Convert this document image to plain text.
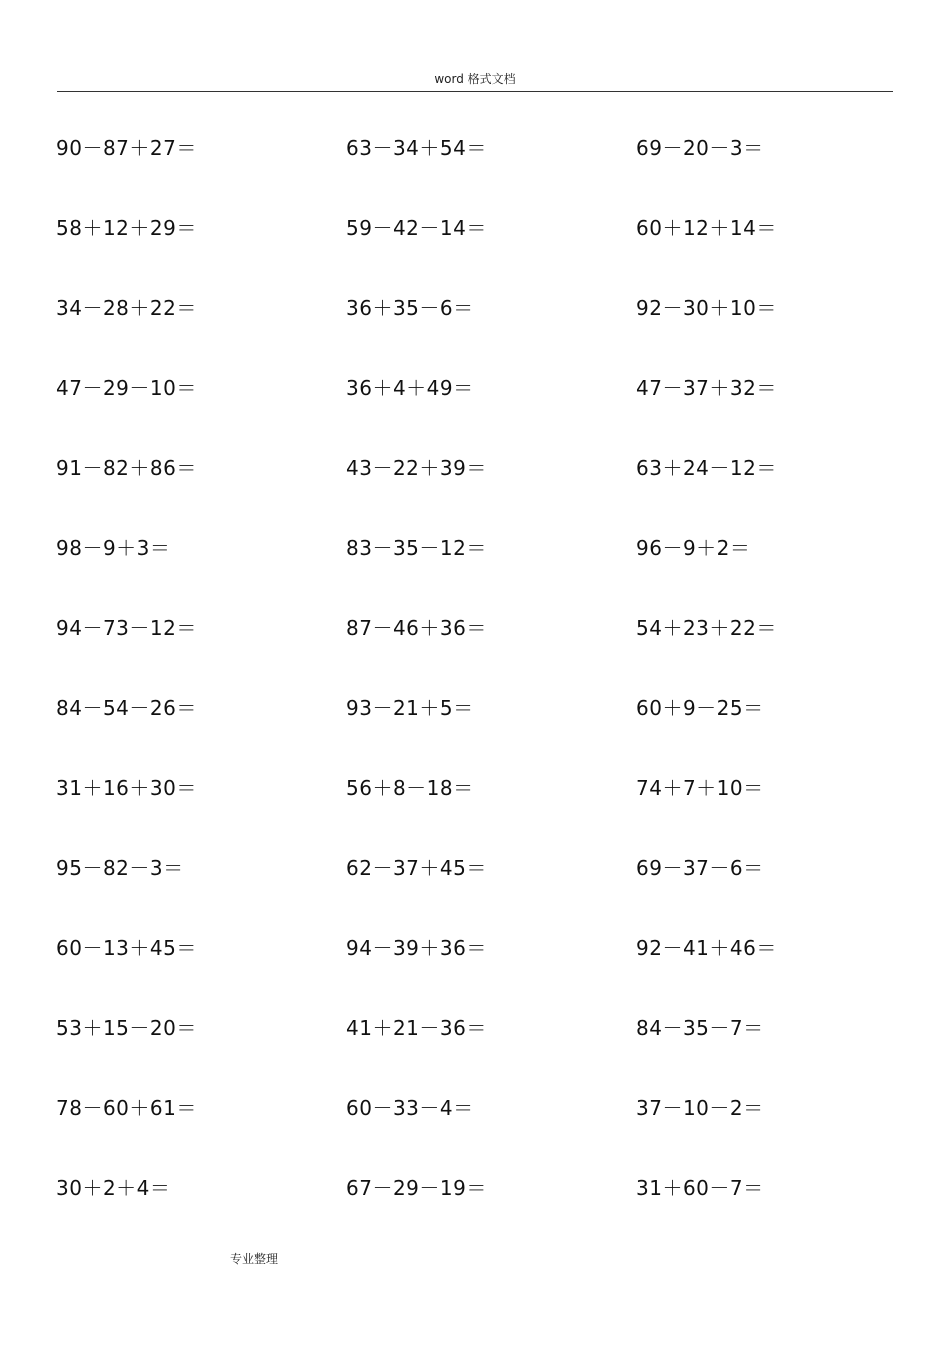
word 格式文档
90－87＋27＝	63－34＋54＝	69－20－3＝
58＋12＋29＝	59－42－14＝	60＋12＋14＝
34－28＋22＝	36＋35－6＝	92－30＋10＝
47－29－10＝	36＋4＋49＝	47－37＋32＝
91－82＋86＝	43－22＋39＝	63＋24－12＝
98－9＋3＝	83－35－12＝	96－9＋2＝
94－73－12＝	87－46＋36＝	54＋23＋22＝
84－54－26＝	93－21＋5＝	60＋9－25＝
31＋16＋30＝	56＋8－18＝	74＋7＋10＝
95－82－3＝	62－37＋45＝	69－37－6＝
60－13＋45＝	94－39＋36＝	92－41＋46＝
53＋15－20＝	41＋21－36＝	84－35－7＝
78－60＋61＝	60－33－4＝	37－10－2＝
30＋2＋4＝	67－29－19＝	31＋60－7＝
专业整理
